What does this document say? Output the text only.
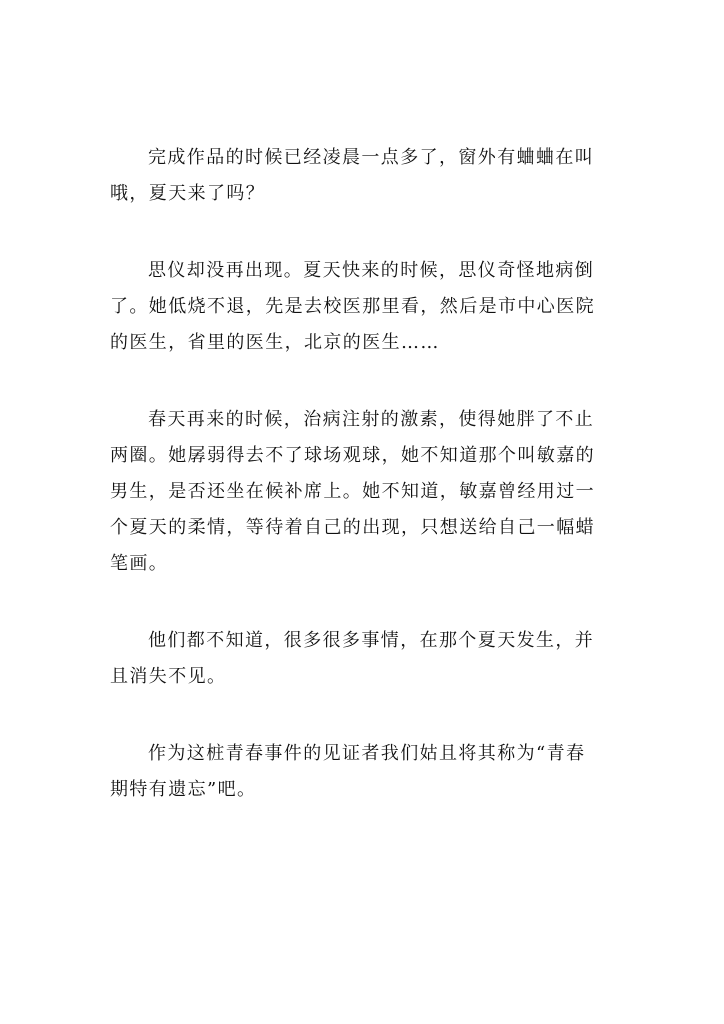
完成作品的时候已经凌晨一点多了，窗外有蛐蛐在叫
哦，夏天来了吗？

思仪却没再出现。夏天快来的时候，思仪奇怪地病倒
了。她低烧不退，先是去校医那里看，然后是市中心医院
的医生，省里的医生，北京的医生……

春天再来的时候，治病注射的激素，使得她胖了不止
两圈。她孱弱得去不了球场观球，她不知道那个叫敏嘉的
男生，是否还坐在候补席上。她不知道，敏嘉曾经用过一
个夏天的柔情，等待着自己的出现，只想送给自己一幅蜡
笔画。

他们都不知道，很多很多事情，在那个夏天发生，并
且消失不见。

作为这桩青春事件的见证者我们姑且将其称为“青春
期特有遗忘”吧。
